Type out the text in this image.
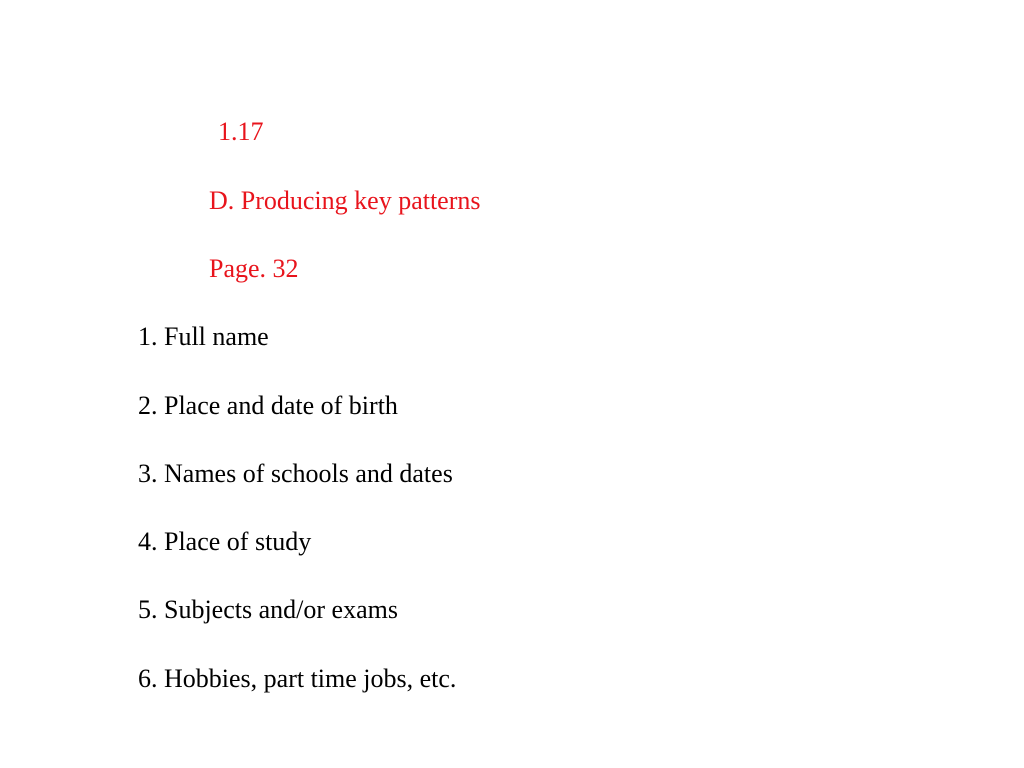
1.17
D. Producing key patterns
Page. 32
1. Full name
2. Place and date of birth
3. Names of schools and dates
4. Place of study
5. Subjects and/or exams
6. Hobbies, part time jobs, etc.
